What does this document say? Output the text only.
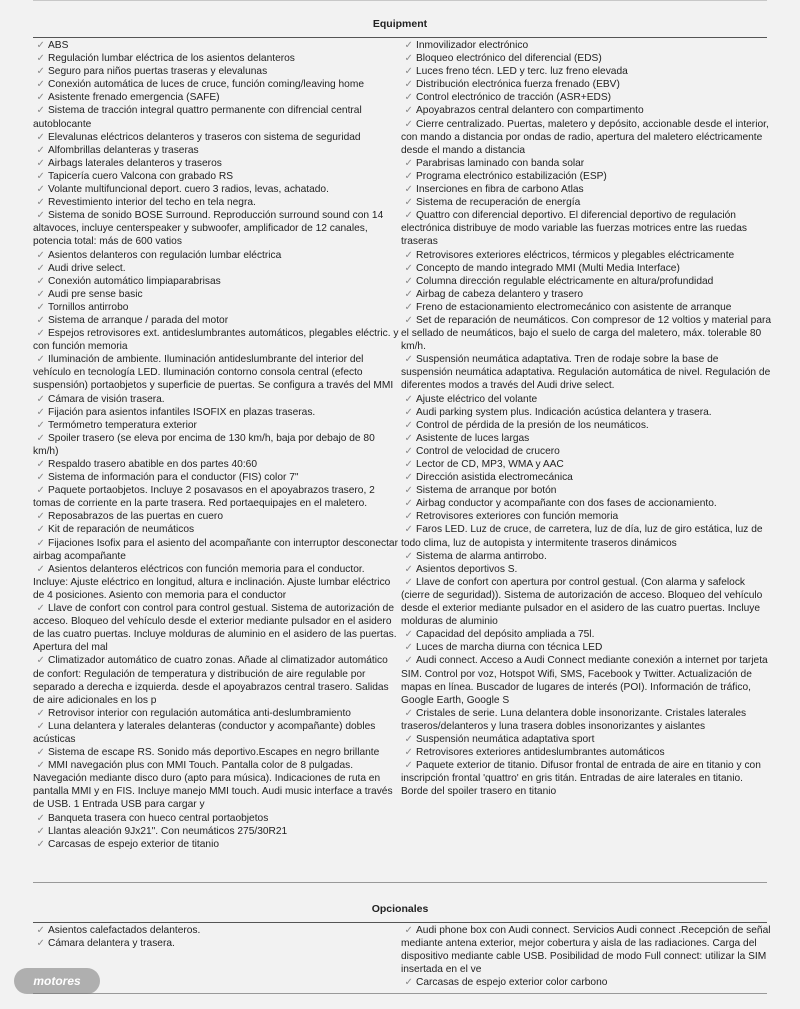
Equipment
✓ ABS
✓ Regulación lumbar eléctrica de los asientos delanteros
✓ Seguro para niños puertas traseras y elevalunas
✓ Conexión automática de luces de cruce, función coming/leaving home
✓ Asistente frenado emergencia (SAFE)
✓ Sistema de tracción integral quattro permanente con difrencial central autoblocante
✓ Elevalunas eléctricos delanteros y traseros con sistema de seguridad
✓ Alfombrillas delanteras y traseras
✓ Airbags laterales delanteros y traseros
✓ Tapicería cuero Valcona con grabado RS
✓ Volante multifuncional deport. cuero 3 radios, levas, achatado.
✓ Revestimiento interior del techo en tela negra.
✓ Sistema de sonido BOSE Surround. Reproducción surround sound con 14 altavoces, incluye centerspeaker y subwoofer, amplificador de 12 canales, potencia total: más de 600 vatios
✓ Asientos delanteros con regulación lumbar eléctrica
✓ Audi drive select.
✓ Conexión automático limpiaparabrisas
✓ Audi pre sense basic
✓ Tornillos antirrobo
✓ Sistema de arranque / parada del motor
✓ Espejos retrovisores ext. antideslumbrantes automáticos, plegables eléctric. y con función memoria
✓ Iluminación de ambiente. Iluminación antideslumbrante del interior del vehículo en tecnología LED. Iluminación contorno consola central (efecto suspensión) portaobjetos y superficie de puertas. Se configura a través del MMI
✓ Cámara de visión trasera.
✓ Fijación para asientos infantiles ISOFIX en plazas traseras.
✓ Termómetro temperatura exterior
✓ Spoiler trasero (se eleva por encima de 130 km/h, baja por debajo de 80 km/h)
✓ Respaldo trasero abatible en dos partes 40:60
✓ Sistema de información para el conductor (FIS) color 7"
✓ Paquete portaobjetos. Incluye 2 posavasos en el apoyabrazos trasero, 2 tomas de corriente en la parte trasera. Red portaequipajes en el maletero.
✓ Reposabrazos de las puertas en cuero
✓ Kit de reparación de neumáticos
✓ Fijaciones Isofix para el asiento del acompañante con interruptor desconectar airbag acompañante
✓ Asientos delanteros eléctricos con función memoria para el conductor. Incluye: Ajuste eléctrico en longitud, altura e inclinación. Ajuste lumbar eléctrico de 4 posiciones. Asiento con memoria para el conductor
✓ Llave de confort con control para control gestual. Sistema de autorización de acceso. Bloqueo del vehículo desde el exterior mediante pulsador en el asidero de las cuatro puertas. Incluye molduras de aluminio en el asidero de las puertas. Apertura del mal
✓ Climatizador automático de cuatro zonas. Añade al climatizador automático de confort: Regulación de temperatura y distribución de aire regulable por separado a derecha e izquierda. desde el apoyabrazos central trasero. Salidas de aire adicionales en los p
✓ Retrovisor interior con regulación automática anti-deslumbramiento
✓ Luna delantera y laterales delanteras (conductor y acompañante) dobles acústicas
✓ Sistema de escape RS. Sonido más deportivo.Escapes en negro brillante
✓ MMI navegación plus con MMI Touch. Pantalla color de 8 pulgadas. Navegación mediante disco duro (apto para música). Indicaciones de ruta en pantalla MMI y en FIS. Incluye manejo MMI touch. Audi music interface a través de USB. 1 Entrada USB para cargar y
✓ Banqueta trasera con hueco central portaobjetos
✓ Llantas aleación 9Jx21". Con neumáticos 275/30R21
✓ Carcasas de espejo exterior de titanio
✓ Inmovilizador electrónico
✓ Bloqueo electrónico del diferencial (EDS)
✓ Luces freno técn. LED y terc. luz freno elevada
✓ Distribución electrónica fuerza frenado (EBV)
✓ Control electrónico de tracción (ASR+EDS)
✓ Apoyabrazos central delantero con compartimento
✓ Cierre centralizado. Puertas, maletero y depósito, accionable desde el interior, con mando a distancia por ondas de radio, apertura del maletero eléctricamente desde el mando a distancia
✓ Parabrisas laminado con banda solar
✓ Programa electrónico estabilización (ESP)
✓ Inserciones en fibra de carbono Atlas
✓ Sistema de recuperación de energía
✓ Quattro con diferencial deportivo. El diferencial deportivo de regulación electrónica distribuye de modo variable las fuerzas motrices entre las ruedas traseras
✓ Retrovisores exteriores eléctricos, térmicos y plegables eléctricamente
✓ Concepto de mando integrado MMI (Multi Media Interface)
✓ Columna dirección regulable eléctricamente en altura/profundidad
✓ Airbag de cabeza delantero y trasero
✓ Freno de estacionamiento electromecánico con asistente de arranque
✓ Set de reparación de neumáticos. Con compresor de 12 voltios y material para el sellado de neumáticos, bajo el suelo de carga del maletero, máx. tolerable 80 km/h.
✓ Suspensión neumática adaptativa. Tren de rodaje sobre la base de suspensión neumática adaptativa. Regulación automática de nivel. Regulación de diferentes modos a través del Audi drive select.
✓ Ajuste eléctrico del volante
✓ Audi parking system plus. Indicación acústica delantera y trasera.
✓ Control de pérdida de la presión de los neumáticos.
✓ Asistente de luces largas
✓ Control de velocidad de crucero
✓ Lector de CD, MP3, WMA y AAC
✓ Dirección asistida electromecánica
✓ Sistema de arranque por botón
✓ Airbag conductor y acompañante con dos fases de accionamiento.
✓ Retrovisores exteriores con función memoria
✓ Faros LED. Luz de cruce, de carretera, luz de día, luz de giro estática, luz de todo clima, luz de autopista y intermitente traseros dinámicos
✓ Sistema de alarma antirrobo.
✓ Asientos deportivos S.
✓ Llave de confort con apertura por control gestual. (Con alarma y safelock (cierre de seguridad)). Sistema de autorización de acceso. Bloqueo del vehículo desde el exterior mediante pulsador en el asidero de las cuatro puertas. Incluye molduras de aluminio
✓ Capacidad del depósito ampliada a 75l.
✓ Luces de marcha diurna con técnica LED
✓ Audi connect. Acceso a Audi Connect mediante conexión a internet por tarjeta SIM. Control por voz, Hotspot Wifi, SMS, Facebook y Twitter. Actualización de mapas en línea. Buscador de lugares de interés (POI). Información de tráfico, Google Earth, Google S
✓ Cristales de serie. Luna delantera doble insonorizante. Cristales laterales traseros/delanteros y luna trasera dobles insonorizantes y aislantes
✓ Suspensión neumática adaptativa sport
✓ Retrovisores exteriores antideslumbrantes automáticos
✓ Paquete exterior de titanio. Difusor frontal de entrada de aire en titanio y con inscripción frontal 'quattro' en gris titán. Entradas de aire laterales en titanio. Borde del spoiler trasero en titanio
Opcionales
✓ Asientos calefactados delanteros.
✓ Cámara delantera y trasera.
✓ Audi phone box con Audi connect. Servicios Audi connect .Recepción de señal mediante antena exterior, mejor cobertura y aisla de las radiaciones. Carga del dispositivo mediante cable USB. Posibilidad de modo Full connect: utilizar la SIM insertada en el ve
✓ Carcasas de espejo exterior color carbono
motores
